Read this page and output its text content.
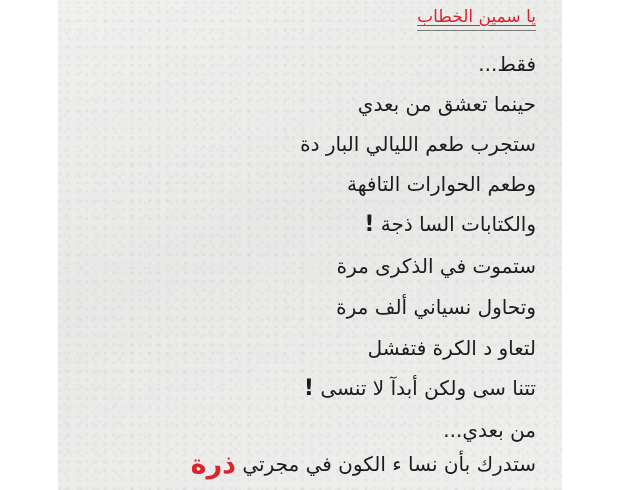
يا سمين الخطاب

فقط...

حينما تعشق من بعدي

ستجرب طعم الليالي البار دة

وطعم الحوارات التافهة

والكتابات السا ذجة !

ستموت في الذكرى مرة

وتحاول نسياني ألف مرة

لتعاو د الكرة فتفشل

تتنا سى ولكن أبدآ لا تنسى !

من بعدي...

ستدرك بأن نسا ء الكون في مجرتي ذرة
